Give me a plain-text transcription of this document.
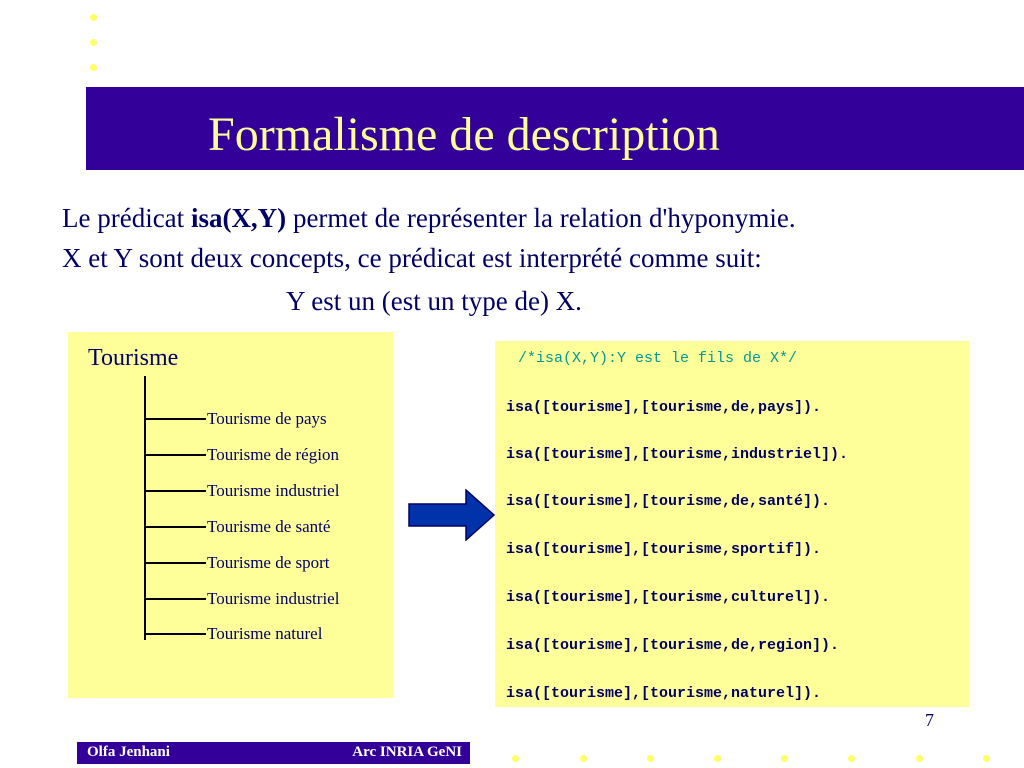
Formalisme de description
Le prédicat isa(X,Y) permet de représenter la relation d'hyponymie.
X et Y sont deux concepts, ce prédicat est interprété comme suit:
Y est un (est un type de) X.
Tourisme
Tourisme de pays
Tourisme de région
Tourisme industriel
Tourisme de santé
Tourisme de sport
Tourisme industriel
Tourisme naturel
/*isa(X,Y):Y est le fils de X*/
isa([tourisme],[tourisme,de,pays]).
isa([tourisme],[tourisme,industriel]).
isa([tourisme],[tourisme,de,santé]).
isa([tourisme],[tourisme,sportif]).
isa([tourisme],[tourisme,culturel]).
isa([tourisme],[tourisme,de,region]).
isa([tourisme],[tourisme,naturel]).
7
Olfa Jenhani	Arc INRIA GeNI
